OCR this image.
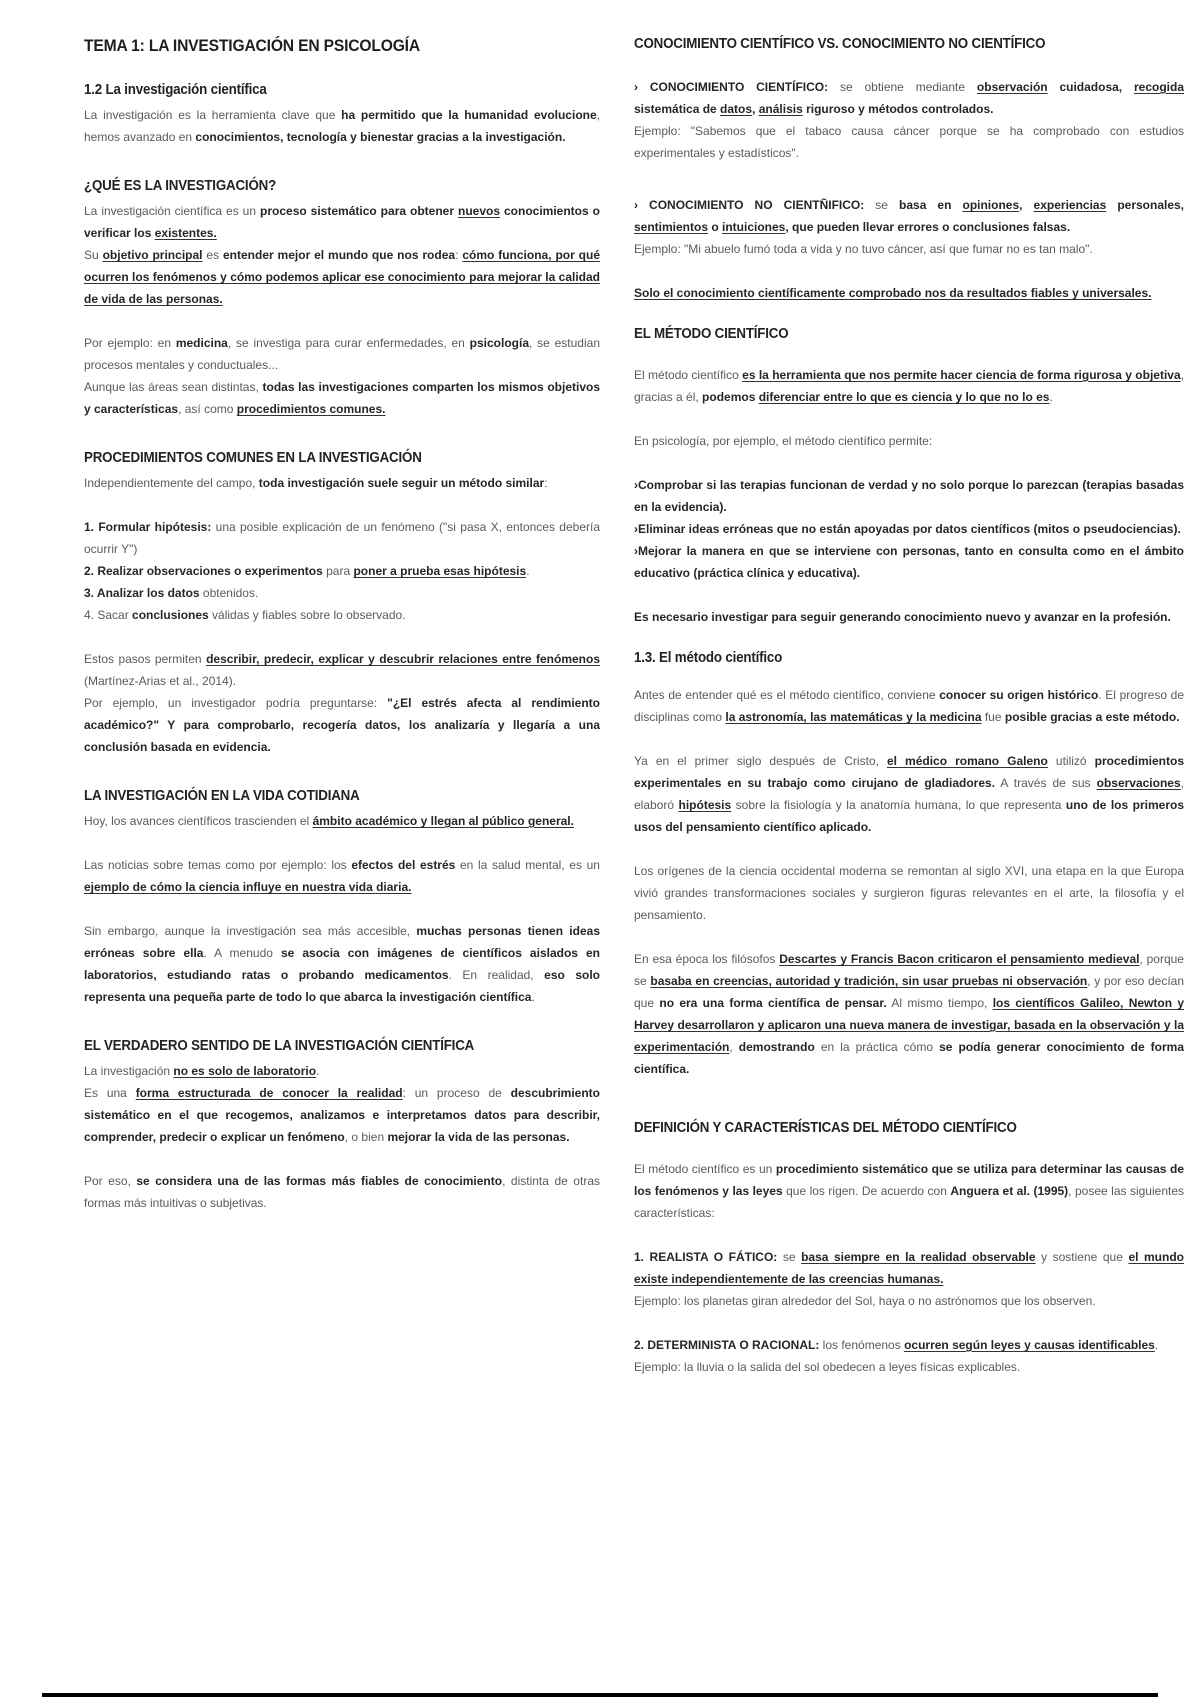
TEMA 1: LA INVESTIGACIÓN EN PSICOLOGÍA
1.2 La investigación científica

La investigación es la herramienta clave que ha permitido que la humanidad evolucione, hemos avanzado en conocimientos, tecnología y bienestar gracias a la investigación.

¿QUÉ ES LA INVESTIGACIÓN?

La investigación científica es un proceso sistemático para obtener nuevos conocimientos o verificar los existentes.

Su objetivo principal es entender mejor el mundo que nos rodea: cómo funciona, por qué ocurren los fenómenos y cómo podemos aplicar ese conocimiento para mejorar la calidad de vida de las personas.

Por ejemplo: en medicina, se investiga para curar enfermedades, en psicología, se estudian procesos mentales y conductuales...

Aunque las áreas sean distintas, todas las investigaciones comparten los mismos objetivos y características, así como procedimientos comunes.

PROCEDIMIENTOS COMUNES EN LA INVESTIGACIÓN

Independientemente del campo, toda investigación suele seguir un método similar:

1. Formular hipótesis: una posible explicación de un fenómeno ("si pasa X, entonces debería ocurrir Y")

2. Realizar observaciones o experimentos para poner a prueba esas hipótesis.

3. Analizar los datos obtenidos.

4. Sacar conclusiones válidas y fiables sobre lo observado.

Estos pasos permiten describir, predecir, explicar y descubrir relaciones entre fenómenos (Martínez-Arias et al., 2014).

Por ejemplo, un investigador podría preguntarse: "¿El estrés afecta al rendimiento académico?" Y para comprobarlo, recogería datos, los analizaría y llegaría a una conclusión basada en evidencia.

LA INVESTIGACIÓN EN LA VIDA COTIDIANA

Hoy, los avances científicos trascienden el ámbito académico y llegan al público general.

Las noticias sobre temas como por ejemplo: los efectos del estrés en la salud mental, es un ejemplo de cómo la ciencia influye en nuestra vida diaria.

Sin embargo, aunque la investigación sea más accesible, muchas personas tienen ideas erróneas sobre ella. A menudo se asocia con imágenes de científicos aislados en laboratorios, estudiando ratas o probando medicamentos. En realidad, eso solo representa una pequeña parte de todo lo que abarca la investigación científica.

EL VERDADERO SENTIDO DE LA INVESTIGACIÓN CIENTÍFICA

La investigación no es solo de laboratorio.

Es una forma estructurada de conocer la realidad: un proceso de descubrimiento sistemático en el que recogemos, analizamos e interpretamos datos para describir, comprender, predecir o explicar un fenómeno, o bien mejorar la vida de las personas.

Por eso, se considera una de las formas más fiables de conocimiento, distinta de otras formas más intuitivas o subjetivas.

CONOCIMIENTO CIENTÍFICO VS. CONOCIMIENTO NO CIENTÍFICO

› CONOCIMIENTO CIENTÍFICO: se obtiene mediante observación cuidadosa, recogida sistemática de datos, análisis riguroso y métodos controlados.

Ejemplo: "Sabemos que el tabaco causa cáncer porque se ha comprobado con estudios experimentales y estadísticos".

› CONOCIMIENTO NO CIENTÑIFICO: se basa en opiniones, experiencias personales, sentimientos o intuiciones, que pueden llevar errores o conclusiones falsas.

Ejemplo: "Mi abuelo fumó toda a vida y no tuvo cáncer, así que fumar no es tan malo".

Solo el conocimiento científicamente comprobado nos da resultados fiables y universales.

EL MÉTODO CIENTÍFICO

El método científico es la herramienta que nos permite hacer ciencia de forma rigurosa y objetiva, gracias a él, podemos diferenciar entre lo que es ciencia y lo que no lo es.

En psicología, por ejemplo, el método científico permite:

›Comprobar si las terapias funcionan de verdad y no solo porque lo parezcan (terapias basadas en la evidencia).

›Eliminar ideas erróneas que no están apoyadas por datos científicos (mitos o pseudociencias).

›Mejorar la manera en que se interviene con personas, tanto en consulta como en el ámbito educativo (práctica clínica y educativa).

Es necesario investigar para seguir generando conocimiento nuevo y avanzar en la profesión.

1.3. El método científico

Antes de entender qué es el método científico, conviene conocer su origen histórico. El progreso de disciplinas como la astronomía, las matemáticas y la medicina fue posible gracias a este método.

Ya en el primer siglo después de Cristo, el médico romano Galeno utilizó procedimientos experimentales en su trabajo como cirujano de gladiadores. A través de sus observaciones, elaboró hipótesis sobre la fisiología y la anatomía humana, lo que representa uno de los primeros usos del pensamiento científico aplicado.

Los orígenes de la ciencia occidental moderna se remontan al siglo XVI, una etapa en la que Europa vivió grandes transformaciones sociales y surgieron figuras relevantes en el arte, la filosofía y el pensamiento.

En esa época los filósofos Descartes y Francis Bacon criticaron el pensamiento medieval, porque se basaba en creencias, autoridad y tradición, sin usar pruebas ni observación, y por eso decían que no era una forma científica de pensar. Al mismo tiempo, los científicos Galileo, Newton y Harvey desarrollaron y aplicaron una nueva manera de investigar, basada en la observación y la experimentación, demostrando en la práctica cómo se podía generar conocimiento de forma científica.

DEFINICIÓN Y CARACTERÍSTICAS DEL MÉTODO CIENTÍFICO

El método científico es un procedimiento sistemático que se utiliza para determinar las causas de los fenómenos y las leyes que los rigen. De acuerdo con Anguera et al. (1995), posee las siguientes características:

1. REALISTA O FÁTICO: se basa siempre en la realidad observable y sostiene que el mundo existe independientemente de las creencias humanas.

Ejemplo: los planetas giran alrededor del Sol, haya o no astrónomos que los observen.

2. DETERMINISTA O RACIONAL: los fenómenos ocurren según leyes y causas identificables.

Ejemplo: la lluvia o la salida del sol obedecen a leyes físicas explicables.
